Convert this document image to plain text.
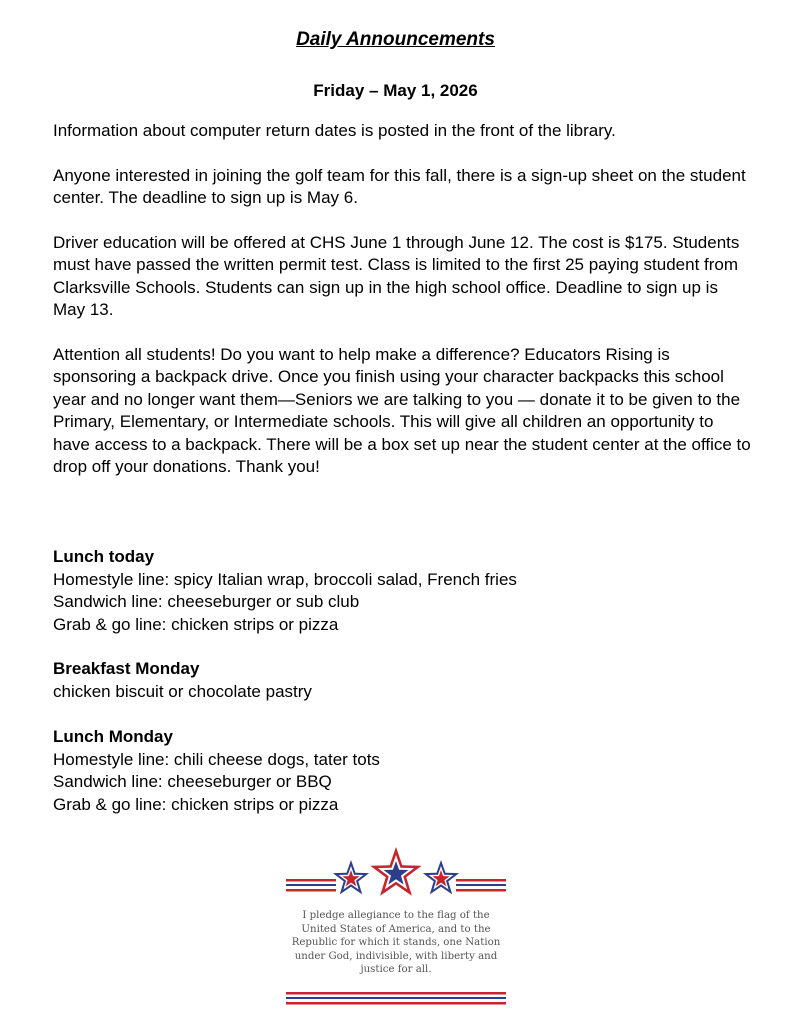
Daily Announcements
Friday – May 1, 2026

Information about computer return dates is posted in the front of the library.

Anyone interested in joining the golf team for this fall, there is a sign-up sheet on the student center. The deadline to sign up is May 6.

Driver education will be offered at CHS June 1 through June 12. The cost is $175. Students must have passed the written permit test. Class is limited to the first 25 paying student from Clarksville Schools. Students can sign up in the high school office. Deadline to sign up is May 13.

Attention all students! Do you want to help make a difference? Educators Rising is sponsoring a backpack drive. Once you finish using your character backpacks this school year and no longer want them—Seniors we are talking to you — donate it to be given to the Primary, Elementary, or Intermediate schools. This will give all children an opportunity to have access to a backpack. There will be a box set up near the student center at the office to drop off your donations. Thank you!

Lunch today
Homestyle line: spicy Italian wrap, broccoli salad, French fries
Sandwich line: cheeseburger or sub club
Grab & go line: chicken strips or pizza
Breakfast Monday
chicken biscuit or chocolate pastry
Lunch Monday
Homestyle line: chili cheese dogs, tater tots
Sandwich line: cheeseburger or BBQ
Grab & go line: chicken strips or pizza
I pledge allegiance to the flag of the United States of America, and to the Republic for which it stands, one Nation under God, indivisible, with liberty and justice for all.
